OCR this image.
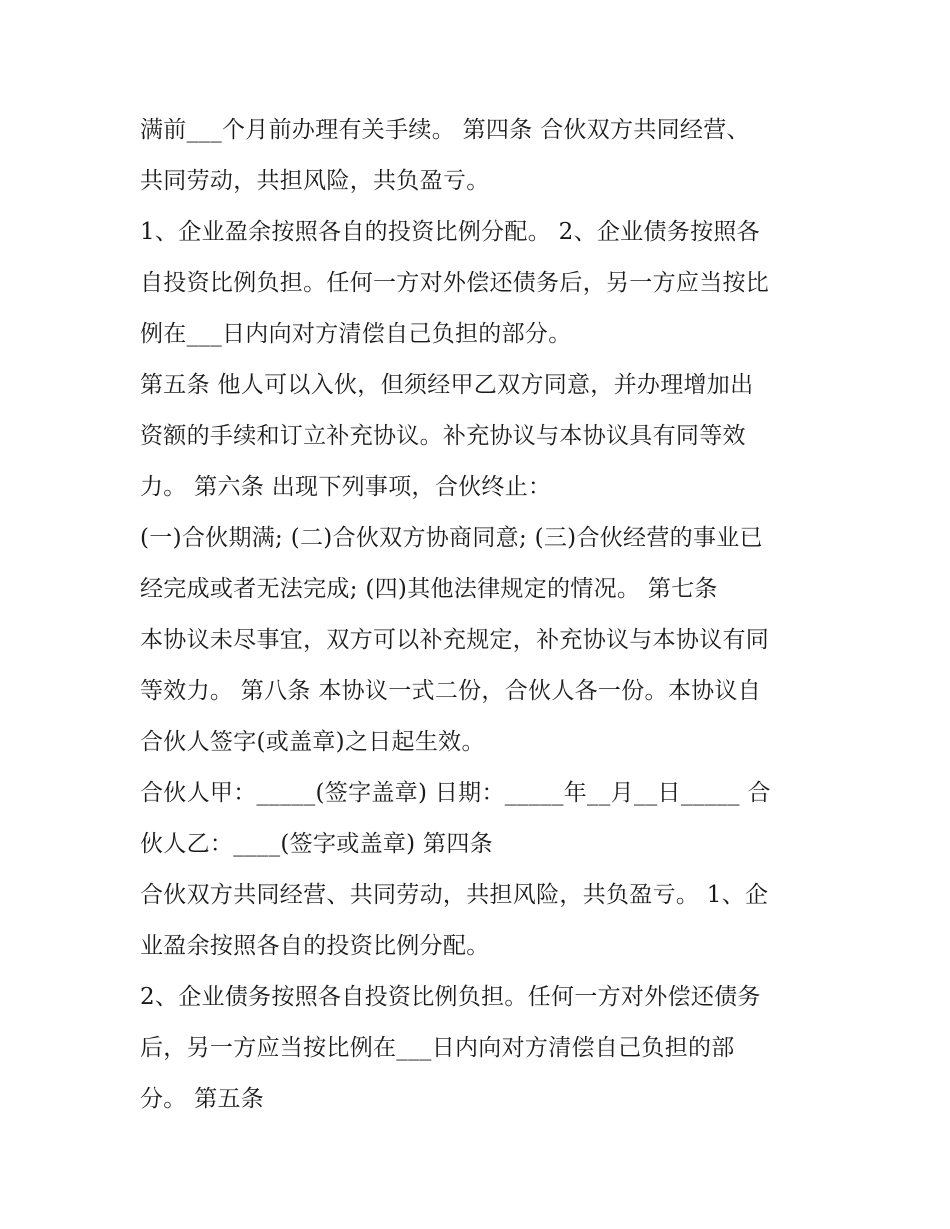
满前___个月前办理有关手续。 第四条 合伙双方共同经营、
共同劳动，共担风险，共负盈亏。
1、企业盈余按照各自的投资比例分配。 2、企业债务按照各
自投资比例负担。任何一方对外偿还债务后，另一方应当按比
例在___日内向对方清偿自己负担的部分。
第五条 他人可以入伙，但须经甲乙双方同意，并办理增加出
资额的手续和订立补充协议。补充协议与本协议具有同等效
力。 第六条 出现下列事项，合伙终止：
(一)合伙期满; (二)合伙双方协商同意; (三)合伙经营的事业已
经完成或者无法完成; (四)其他法律规定的情况。 第七条
本协议未尽事宜，双方可以补充规定，补充协议与本协议有同
等效力。 第八条 本协议一式二份，合伙人各一份。本协议自
合伙人签字(或盖章)之日起生效。
合伙人甲：_____(签字盖章) 日期：_____年__月__日_____ 合
伙人乙：____(签字或盖章) 第四条
合伙双方共同经营、共同劳动，共担风险，共负盈亏。 1、企
业盈余按照各自的投资比例分配。
2、企业债务按照各自投资比例负担。任何一方对外偿还债务
后，另一方应当按比例在___日内向对方清偿自己负担的部
分。 第五条
